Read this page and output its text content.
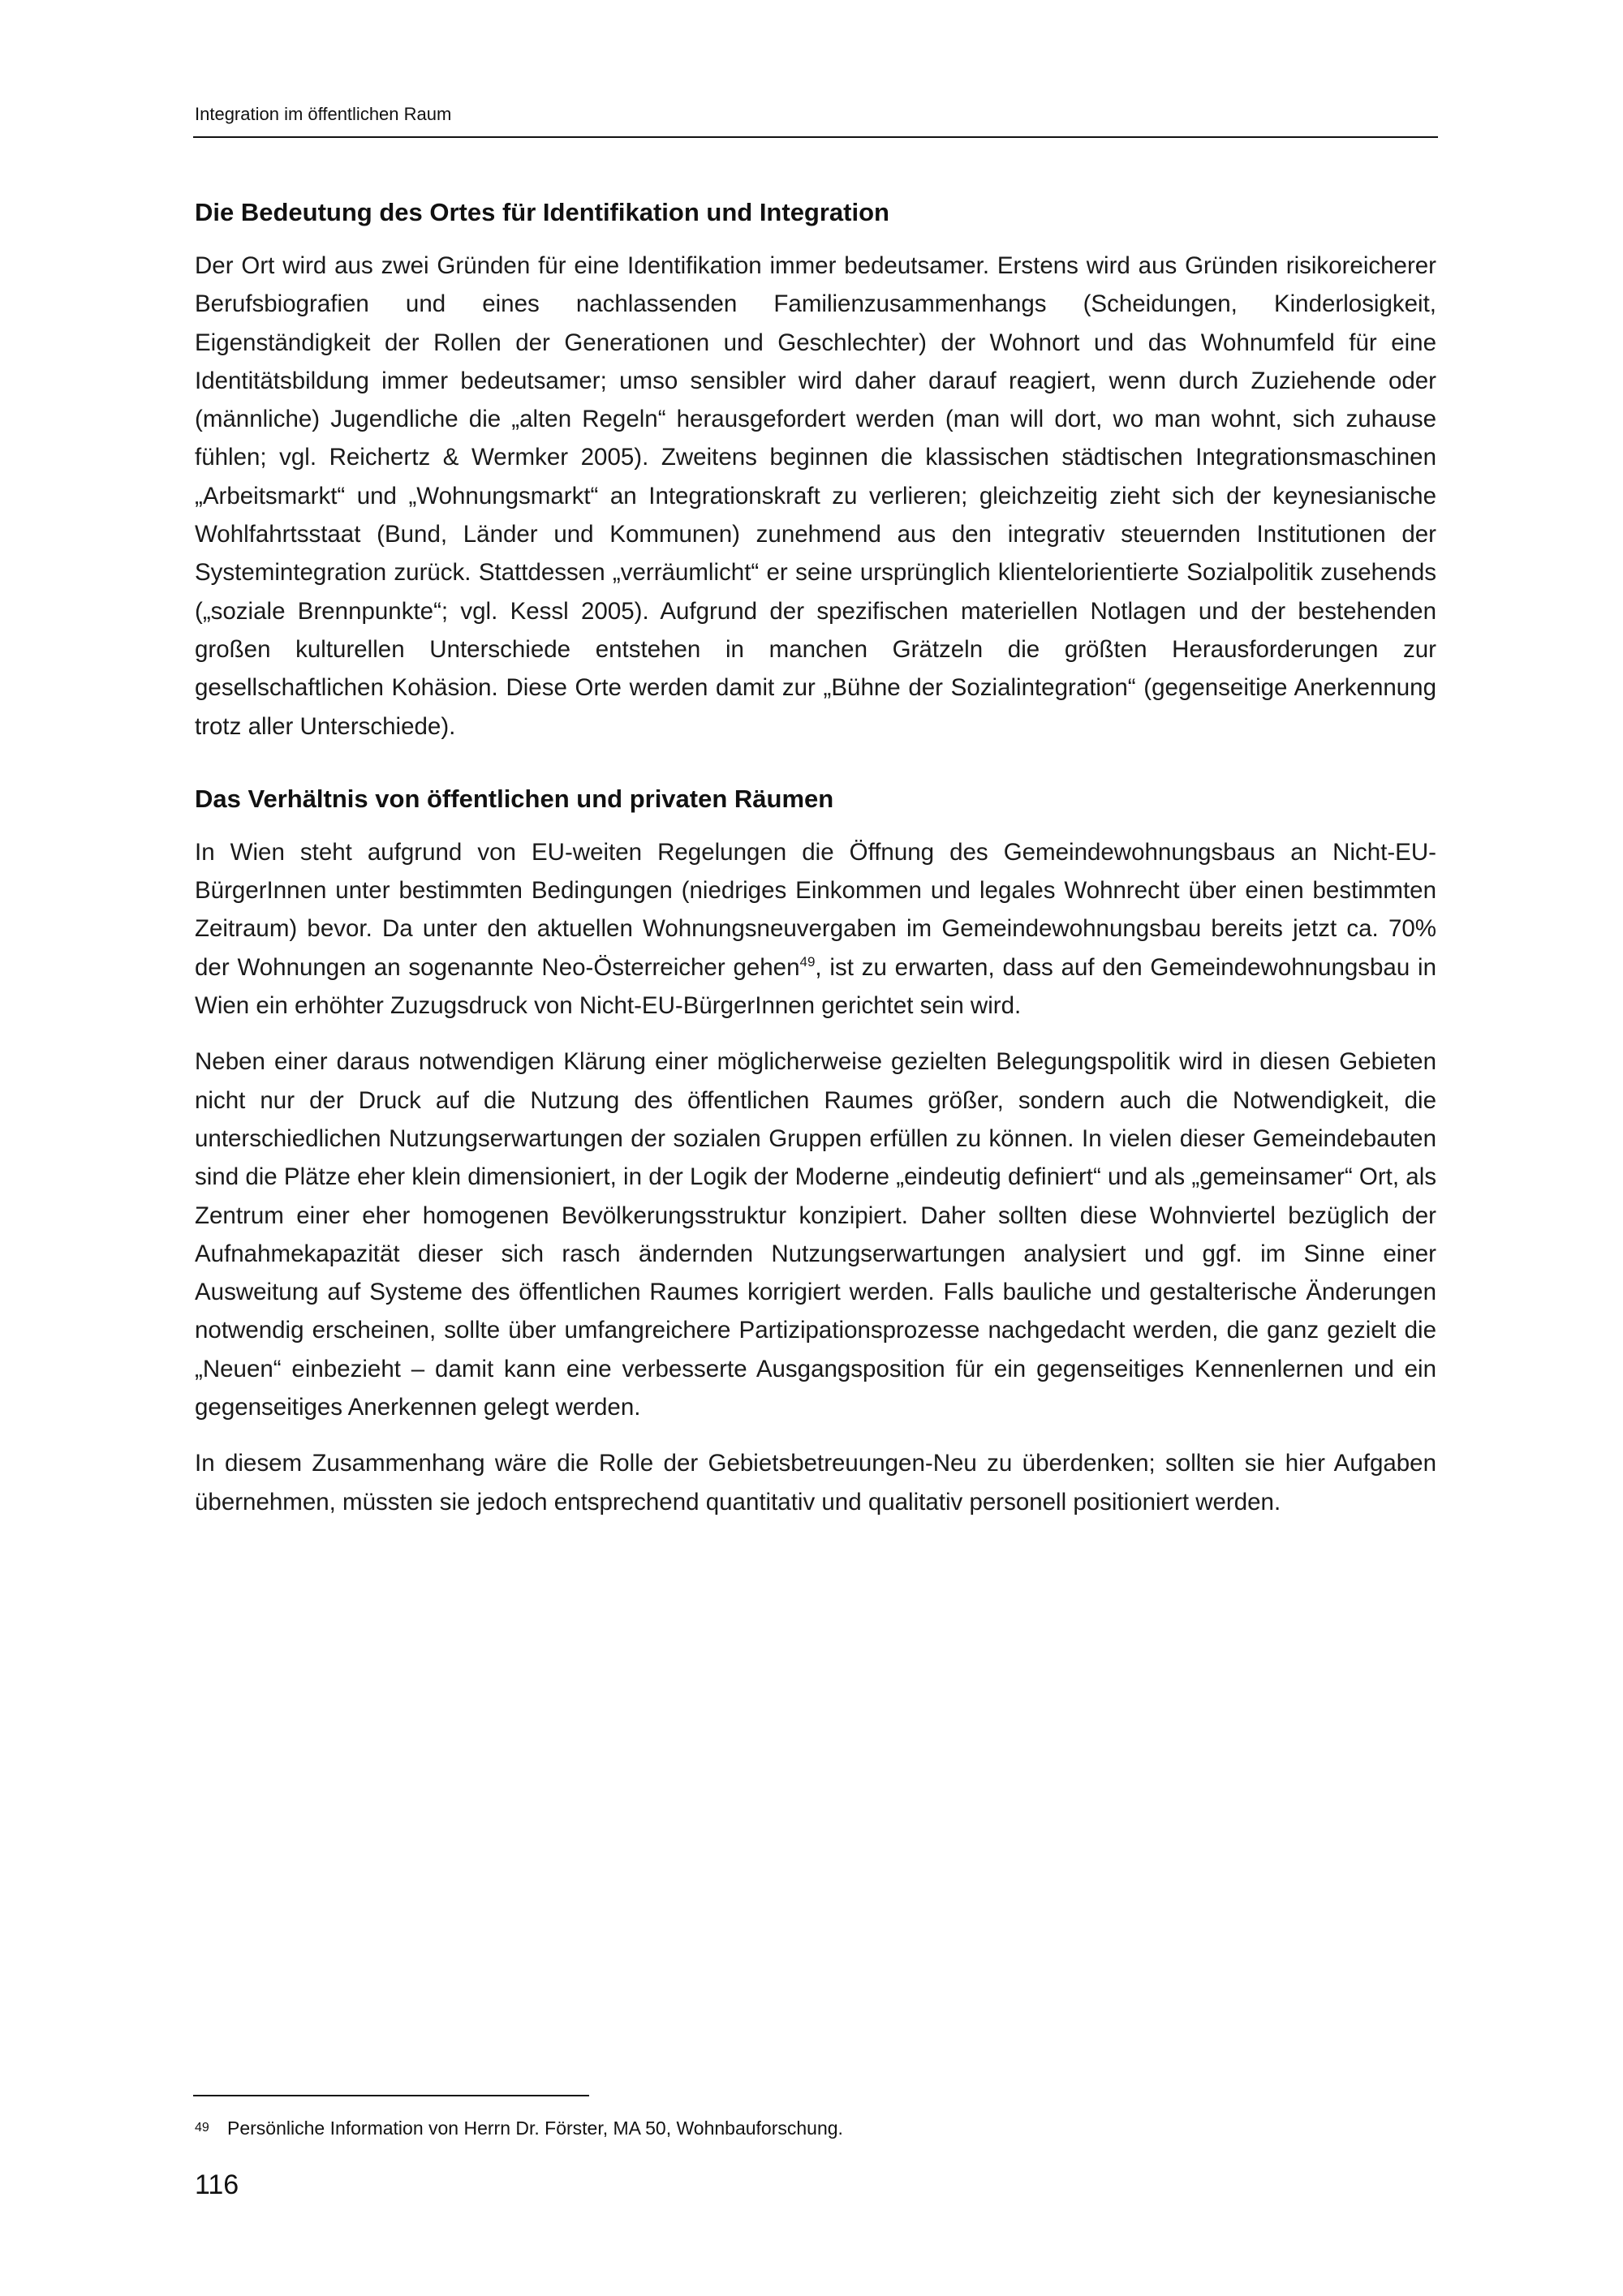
Integration im öffentlichen Raum
Die Bedeutung des Ortes für Identifikation und Integration

Der Ort wird aus zwei Gründen für eine Identifikation immer bedeutsamer. Erstens wird aus Gründen risikoreicherer Berufsbiografien und eines nachlassenden Familienzusammenhangs (Scheidungen, Kinderlosigkeit, Eigenständigkeit der Rollen der Generationen und Geschlechter) der Wohnort und das Wohnumfeld für eine Identitätsbildung immer bedeutsamer; umso sensibler wird daher darauf reagiert, wenn durch Zuziehende oder (männliche) Jugendliche die „alten Regeln“ herausgefordert werden (man will dort, wo man wohnt, sich zuhause fühlen; vgl. Reichertz & Wermker 2005). Zweitens beginnen die klassischen städtischen Integrationsmaschinen „Arbeitsmarkt“ und „Wohnungsmarkt“ an Integrationskraft zu verlieren; gleichzeitig zieht sich der keynesianische Wohlfahrtsstaat (Bund, Länder und Kommunen) zunehmend aus den integrativ steuernden Institutionen der Systemintegration zurück. Stattdessen „verräumlicht“ er seine ursprünglich klientelorientierte Sozialpolitik zusehends („soziale Brennpunkte“; vgl. Kessl 2005). Aufgrund der spezifischen materiellen Notlagen und der bestehenden großen kulturellen Unterschiede entstehen in manchen Grätzeln die größten Herausforderungen zur gesellschaftlichen Kohäsion. Diese Orte werden damit zur „Bühne der Sozialintegration“ (gegenseitige Anerkennung trotz aller Unterschiede).

Das Verhältnis von öffentlichen und privaten Räumen

In Wien steht aufgrund von EU-weiten Regelungen die Öffnung des Gemeindewohnungsbaus an Nicht-EU-BürgerInnen unter bestimmten Bedingungen (niedriges Einkommen und legales Wohnrecht über einen bestimmten Zeitraum) bevor. Da unter den aktuellen Wohnungsneuvergaben im Gemeindewohnungsbau bereits jetzt ca. 70% der Wohnungen an sogenannte Neo-Österreicher gehen$^{49}$, ist zu erwarten, dass auf den Gemeindewohnungsbau in Wien ein erhöhter Zuzugsdruck von Nicht-EU-BürgerInnen gerichtet sein wird.

Neben einer daraus notwendigen Klärung einer möglicherweise gezielten Belegungspolitik wird in diesen Gebieten nicht nur der Druck auf die Nutzung des öffentlichen Raumes größer, sondern auch die Notwendigkeit, die unterschiedlichen Nutzungserwartungen der sozialen Gruppen erfüllen zu können. In vielen dieser Gemeindebauten sind die Plätze eher klein dimensioniert, in der Logik der Moderne „eindeutig definiert“ und als „gemeinsamer“ Ort, als Zentrum einer eher homogenen Bevölkerungsstruktur konzipiert. Daher sollten diese Wohnviertel bezüglich der Aufnahmekapazität dieser sich rasch ändernden Nutzungserwartungen analysiert und ggf. im Sinne einer Ausweitung auf Systeme des öffentlichen Raumes korrigiert werden. Falls bauliche und gestalterische Änderungen notwendig erscheinen, sollte über umfangreichere Partizipationsprozesse nachgedacht werden, die ganz gezielt die „Neuen“ einbezieht – damit kann eine verbesserte Ausgangsposition für ein gegenseitiges Kennenlernen und ein gegenseitiges Anerkennen gelegt werden.

In diesem Zusammenhang wäre die Rolle der Gebietsbetreuungen-Neu zu überdenken; sollten sie hier Aufgaben übernehmen, müssten sie jedoch entsprechend quantitativ und qualitativ personell positioniert werden.

49 Persönliche Information von Herrn Dr. Förster, MA 50, Wohnbauforschung.
116
